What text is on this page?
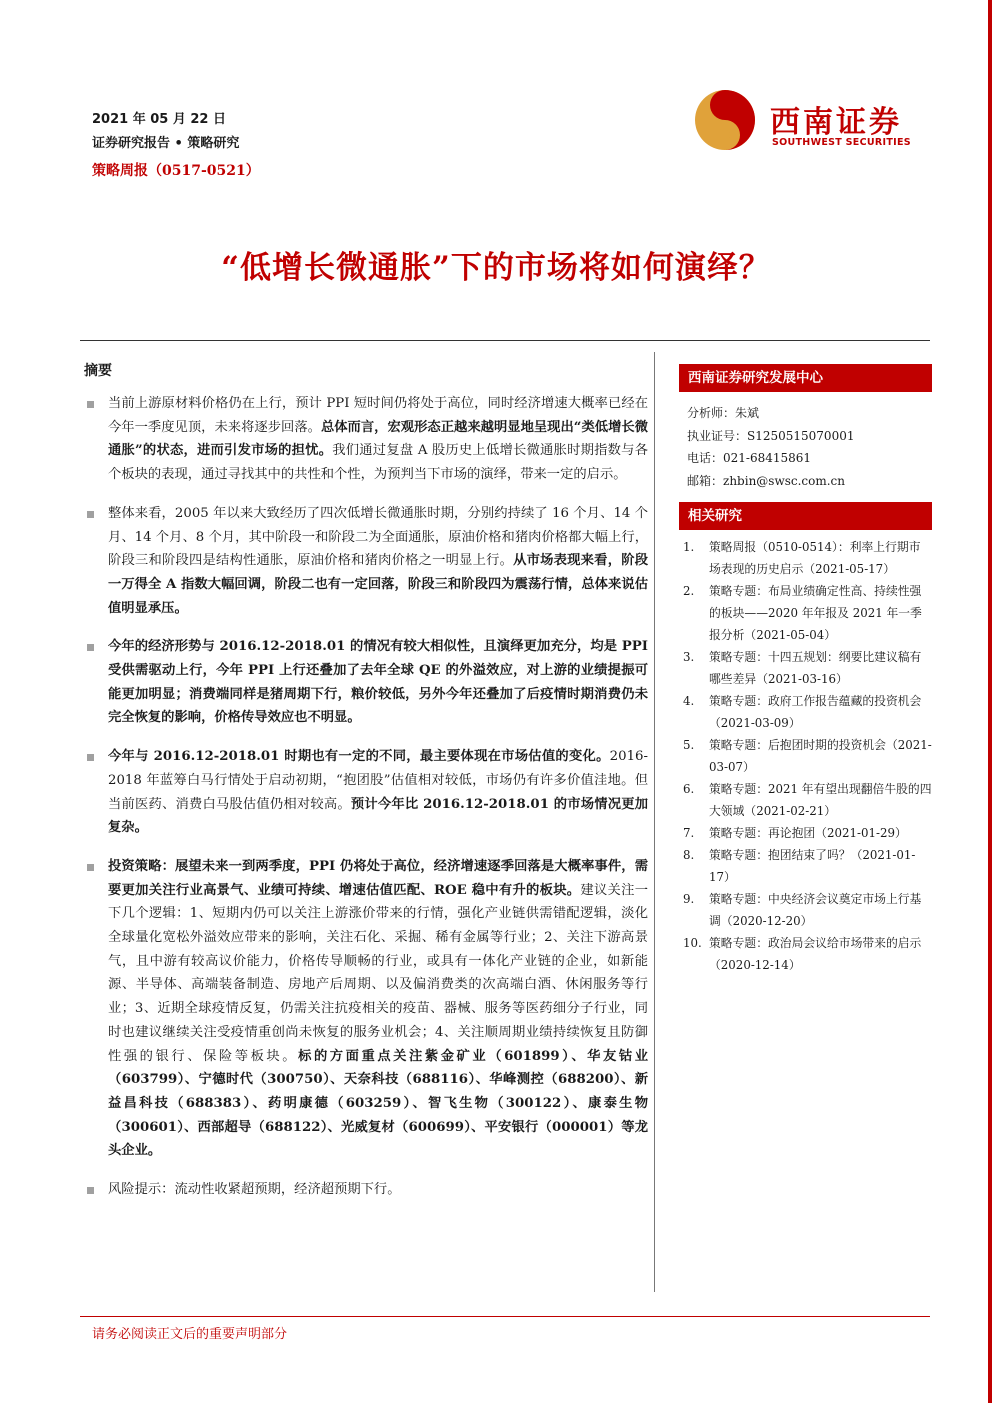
2021 年 05 月 22 日
证券研究报告 • 策略研究
策略周报（0517-0521）
西南证券
SOUTHWEST SECURITIES
“低增长微通胀”下的市场将如何演绎？
摘要
当前上游原材料价格仍在上行，预计 PPI 短时间仍将处于高位，同时经济增速大概率已经在今年一季度见顶，未来将逐步回落。总体而言，宏观形态正越来越明显地呈现出“类低增长微通胀”的状态，进而引发市场的担忧。我们通过复盘 A 股历史上低增长微通胀时期指数与各个板块的表现，通过寻找其中的共性和个性，为预判当下市场的演绎，带来一定的启示。
整体来看，2005 年以来大致经历了四次低增长微通胀时期，分别约持续了 16 个月、14 个月、14 个月、8 个月，其中阶段一和阶段二为全面通胀，原油价格和猪肉价格都大幅上行，阶段三和阶段四是结构性通胀，原油价格和猪肉价格之一明显上行。从市场表现来看，阶段一万得全 A 指数大幅回调，阶段二也有一定回落，阶段三和阶段四为震荡行情，总体来说估值明显承压。
今年的经济形势与 2016.12-2018.01 的情况有较大相似性，且演绎更加充分，均是 PPI 受供需驱动上行，今年 PPI 上行还叠加了去年全球 QE 的外溢效应，对上游的业绩提振可能更加明显；消费端同样是猪周期下行，粮价较低，另外今年还叠加了后疫情时期消费仍未完全恢复的影响，价格传导效应也不明显。
今年与 2016.12-2018.01 时期也有一定的不同，最主要体现在市场估值的变化。2016-2018 年蓝筹白马行情处于启动初期，“抱团股”估值相对较低，市场仍有许多价值洼地。但当前医药、消费白马股估值仍相对较高。预计今年比 2016.12-2018.01 的市场情况更加复杂。
投资策略：展望未来一到两季度，PPI 仍将处于高位，经济增速逐季回落是大概率事件，需要更加关注行业高景气、业绩可持续、增速估值匹配、ROE 稳中有升的板块。建议关注一下几个逻辑：1、短期内仍可以关注上游涨价带来的行情，强化产业链供需错配逻辑，淡化全球量化宽松外溢效应带来的影响，关注石化、采掘、稀有金属等行业；2、关注下游高景气，且中游有较高议价能力，价格传导顺畅的行业，或具有一体化产业链的企业，如新能源、半导体、高端装备制造、房地产后周期、以及偏消费类的次高端白酒、休闲服务等行业；3、近期全球疫情反复，仍需关注抗疫相关的疫苗、器械、服务等医药细分子行业，同时也建议继续关注受疫情重创尚未恢复的服务业机会；4、关注顺周期业绩持续恢复且防御性强的银行、保险等板块。标的方面重点关注紫金矿业（601899）、华友钴业（603799）、宁德时代（300750）、天奈科技（688116）、华峰测控（688200）、新益昌科技（688383）、药明康德（603259）、智飞生物（300122）、康泰生物（300601）、西部超导（688122）、光威复材（600699）、平安银行（000001）等龙头企业。
风险提示：流动性收紧超预期，经济超预期下行。
西南证券研究发展中心
分析师：朱斌
执业证号：S1250515070001
电话：021-68415861
邮箱：zhbin@swsc.com.cn
相关研究
1. 策略周报（0510-0514）：利率上行期市场表现的历史启示（2021-05-17）
2. 策略专题：布局业绩确定性高、持续性强的板块——2020 年年报及 2021 年一季报分析（2021-05-04）
3. 策略专题：十四五规划：纲要比建议稿有哪些差异（2021-03-16）
4. 策略专题：政府工作报告蕴藏的投资机会（2021-03-09）
5. 策略专题：后抱团时期的投资机会（2021-03-07）
6. 策略专题：2021 年有望出现翻倍牛股的四大领域（2021-02-21）
7. 策略专题：再论抱团（2021-01-29）
8. 策略专题：抱团结束了吗？（2021-01-17）
9. 策略专题：中央经济会议奠定市场上行基调（2020-12-20）
10. 策略专题：政治局会议给市场带来的启示（2020-12-14）
请务必阅读正文后的重要声明部分
